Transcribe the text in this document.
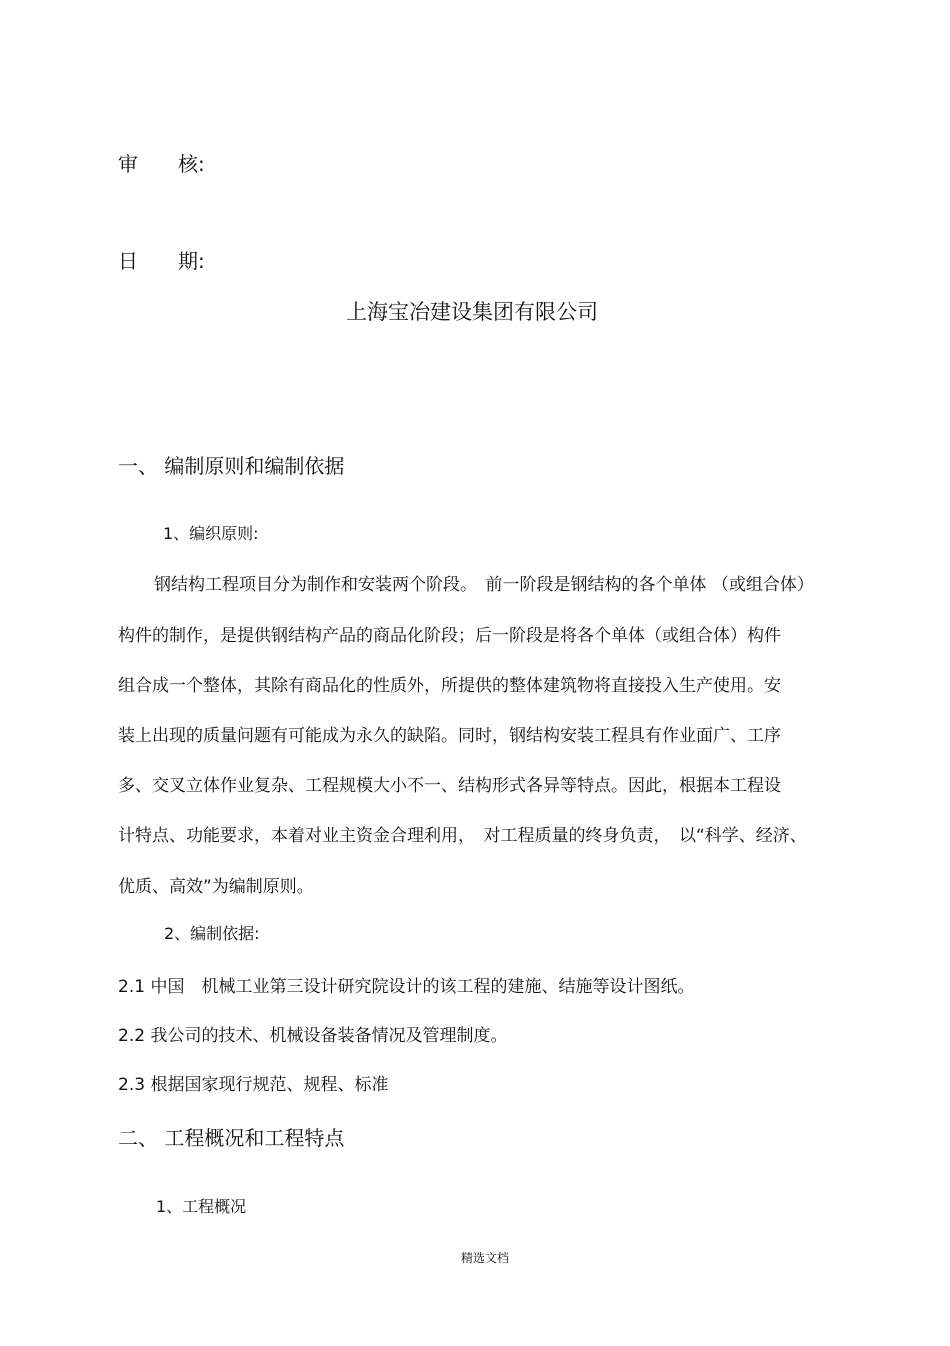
审　　核:
日　　期:
上海宝冶建设集团有限公司
一、 编制原则和编制依据
1、编织原则:
钢结构工程项目分为制作和安装两个阶段。　前一阶段是钢结构的各个单体 （或组合体）
构件的制作，是提供钢结构产品的商品化阶段；后一阶段是将各个单体（或组合体）构件
组合成一个整体，其除有商品化的性质外，所提供的整体建筑物将直接投入生产使用。安
装上出现的质量问题有可能成为永久的缺陷。同时，钢结构安装工程具有作业面广、工序
多、交叉立体作业复杂、工程规模大小不一、结构形式各异等特点。因此，根据本工程设
计特点、功能要求，本着对业主资金合理利用，　对工程质量的终身负责，　以“科学、经济、
优质、高效”为编制原则。
2、编制依据:
2.1 中国　机械工业第三设计研究院设计的该工程的建施、结施等设计图纸。
2.2 我公司的技术、机械设备装备情况及管理制度。
2.3 根据国家现行规范、规程、标准
二、 工程概况和工程特点
1、工程概况
精选文档
